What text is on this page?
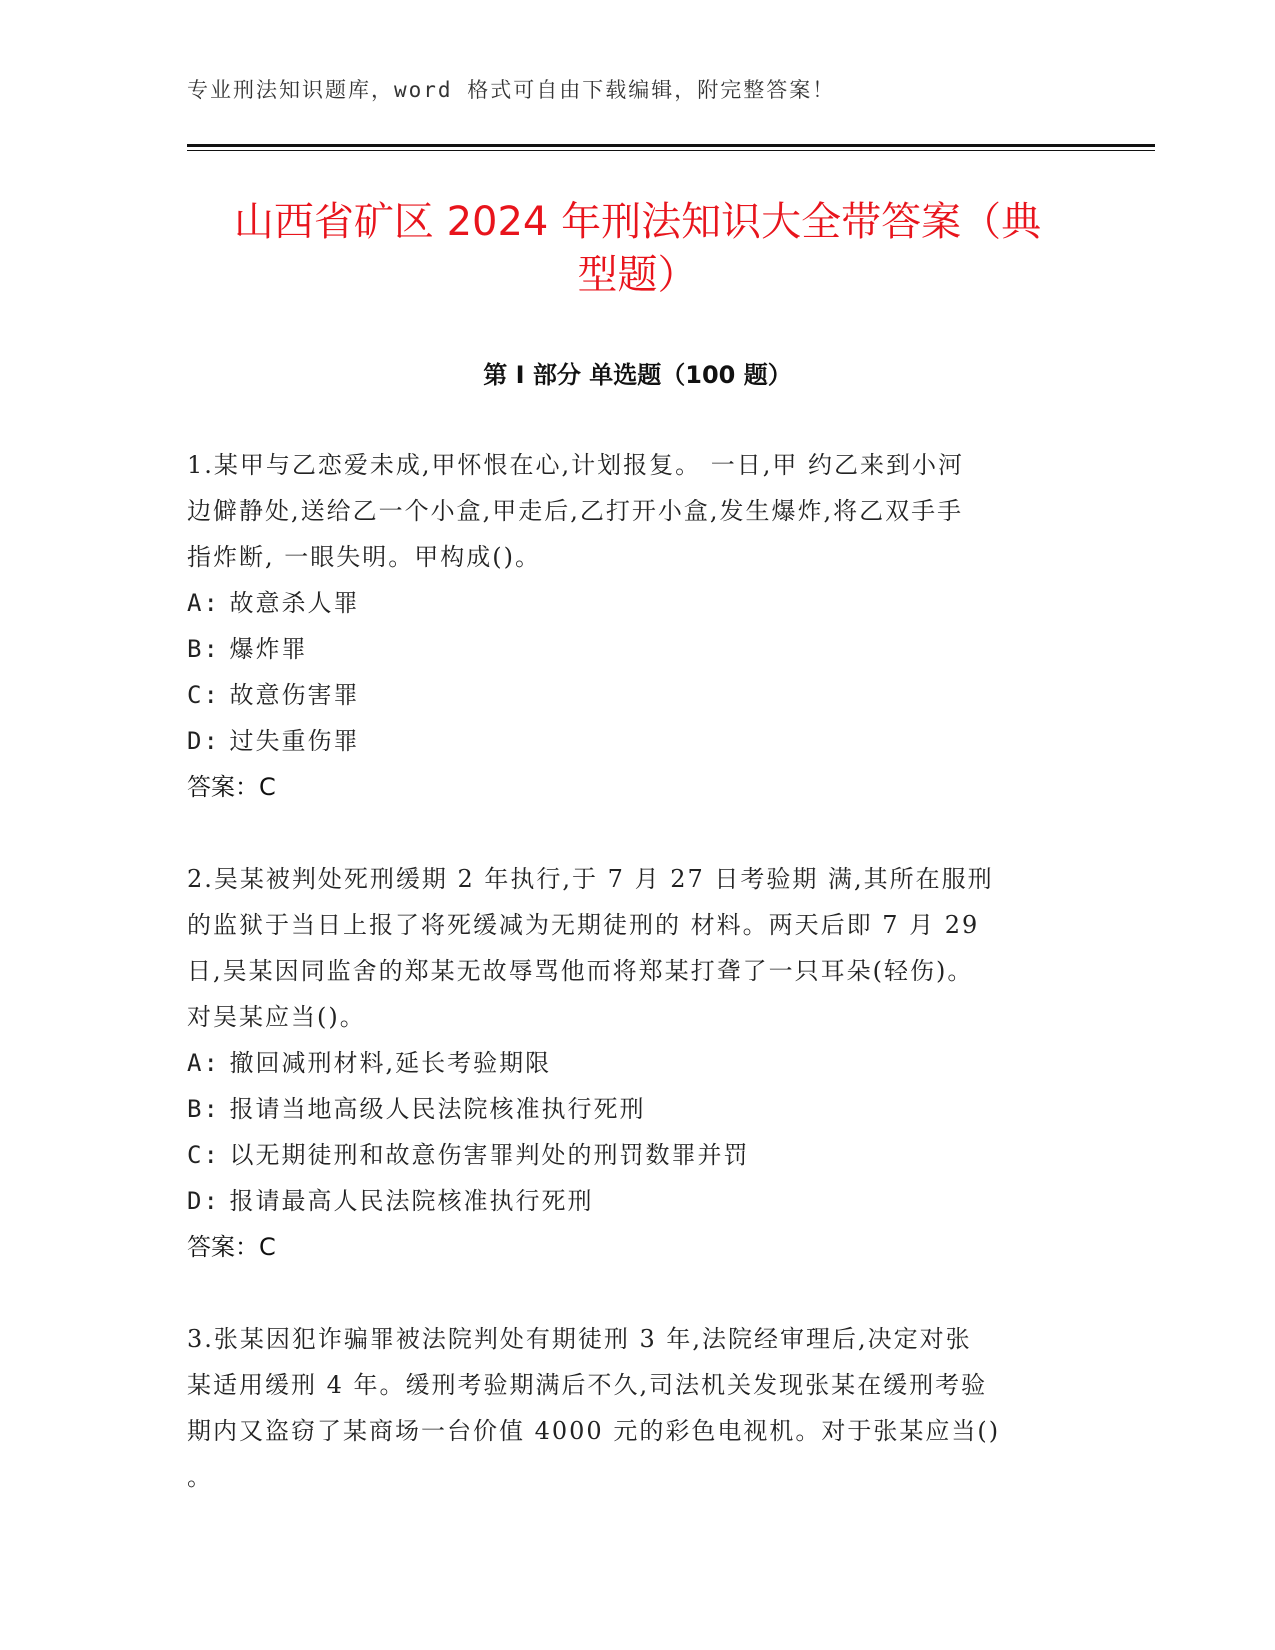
专业刑法知识题库，word 格式可自由下载编辑，附完整答案！
山西省矿区 2024 年刑法知识大全带答案（典
型题）
第 I 部分 单选题（100 题）

1.某甲与乙恋爱未成,甲怀恨在心,计划报复。 一日,甲 约乙来到小河
边僻静处,送给乙一个小盒,甲走后,乙打开小盒,发生爆炸,将乙双手手
指炸断, 一眼失明。甲构成()。

A: 故意杀人罪

B: 爆炸罪

C: 故意伤害罪

D: 过失重伤罪

答案：C

2.吴某被判处死刑缓期 2 年执行,于 7 月 27 日考验期 满,其所在服刑
的监狱于当日上报了将死缓减为无期徒刑的 材料。两天后即 7 月 29
日,吴某因同监舍的郑某无故辱骂他而将郑某打聋了一只耳朵(轻伤)。
对吴某应当()。

A: 撤回减刑材料,延长考验期限

B: 报请当地高级人民法院核准执行死刑

C: 以无期徒刑和故意伤害罪判处的刑罚数罪并罚

D: 报请最高人民法院核准执行死刑

答案：C

3.张某因犯诈骗罪被法院判处有期徒刑 3 年,法院经审理后,决定对张
某适用缓刑 4 年。缓刑考验期满后不久,司法机关发现张某在缓刑考验
期内又盗窃了某商场一台价值 4000 元的彩色电视机。对于张某应当()
。
